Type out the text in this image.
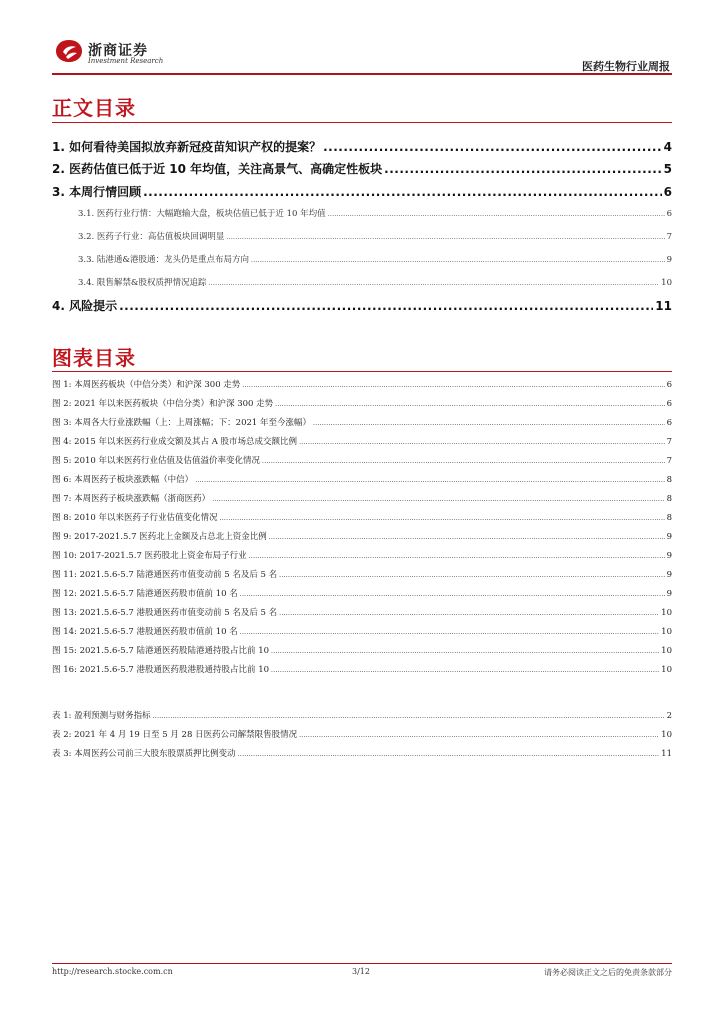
浙商证券
Investment Research	医药生物行业周报
正文目录
1. 如何看待美国拟放弃新冠疫苗知识产权的提案？ .....	4
2. 医药估值已低于近 10 年均值，关注高景气、高确定性板块 .....	5
3. 本周行情回顾 .....	6
3.1. 医药行业行情：大幅跑输大盘，板块估值已低于近 10 年均值 .....	6
3.2. 医药子行业：高估值板块回调明显 .....	7
3.3. 陆港通&港股通：龙头仍是重点布局方向 .....	9
3.4. 限售解禁&股权质押情况追踪 .....	10
4. 风险提示 .....	11
图表目录
图 1: 本周医药板块（中信分类）和沪深 300 走势 .....	6
图 2: 2021 年以来医药板块（中信分类）和沪深 300 走势 .....	6
图 3: 本周各大行业涨跌幅（上：上周涨幅；下：2021 年至今涨幅） .....	6
图 4: 2015 年以来医药行业成交额及其占 A 股市场总成交额比例 .....	7
图 5: 2010 年以来医药行业估值及估值溢价率变化情况 .....	7
图 6: 本周医药子板块涨跌幅（中信） .....	8
图 7: 本周医药子板块涨跌幅（浙商医药） .....	8
图 8: 2010 年以来医药子行业估值变化情况 .....	8
图 9: 2017-2021.5.7 医药北上金额及占总北上资金比例 .....	9
图 10: 2017-2021.5.7 医药股北上资金布局子行业 .....	9
图 11: 2021.5.6-5.7 陆港通医药市值变动前 5 名及后 5 名 .....	9
图 12: 2021.5.6-5.7 陆港通医药股市值前 10 名 .....	9
图 13: 2021.5.6-5.7 港股通医药市值变动前 5 名及后 5 名 .....	10
图 14: 2021.5.6-5.7 港股通医药股市值前 10 名 .....	10
图 15: 2021.5.6-5.7 陆港通医药股陆港通持股占比前 10 .....	10
图 16: 2021.5.6-5.7 港股通医药股港股通持股占比前 10 .....	10
表 1: 盈利预测与财务指标 .....	2
表 2: 2021 年 4 月 19 日至 5 月 28 日医药公司解禁限售股情况 .....	10
表 3: 本周医药公司前三大股东股票质押比例变动 .....	11
http://research.stocke.com.cn	3/12	请务必阅读正文之后的免责条款部分
